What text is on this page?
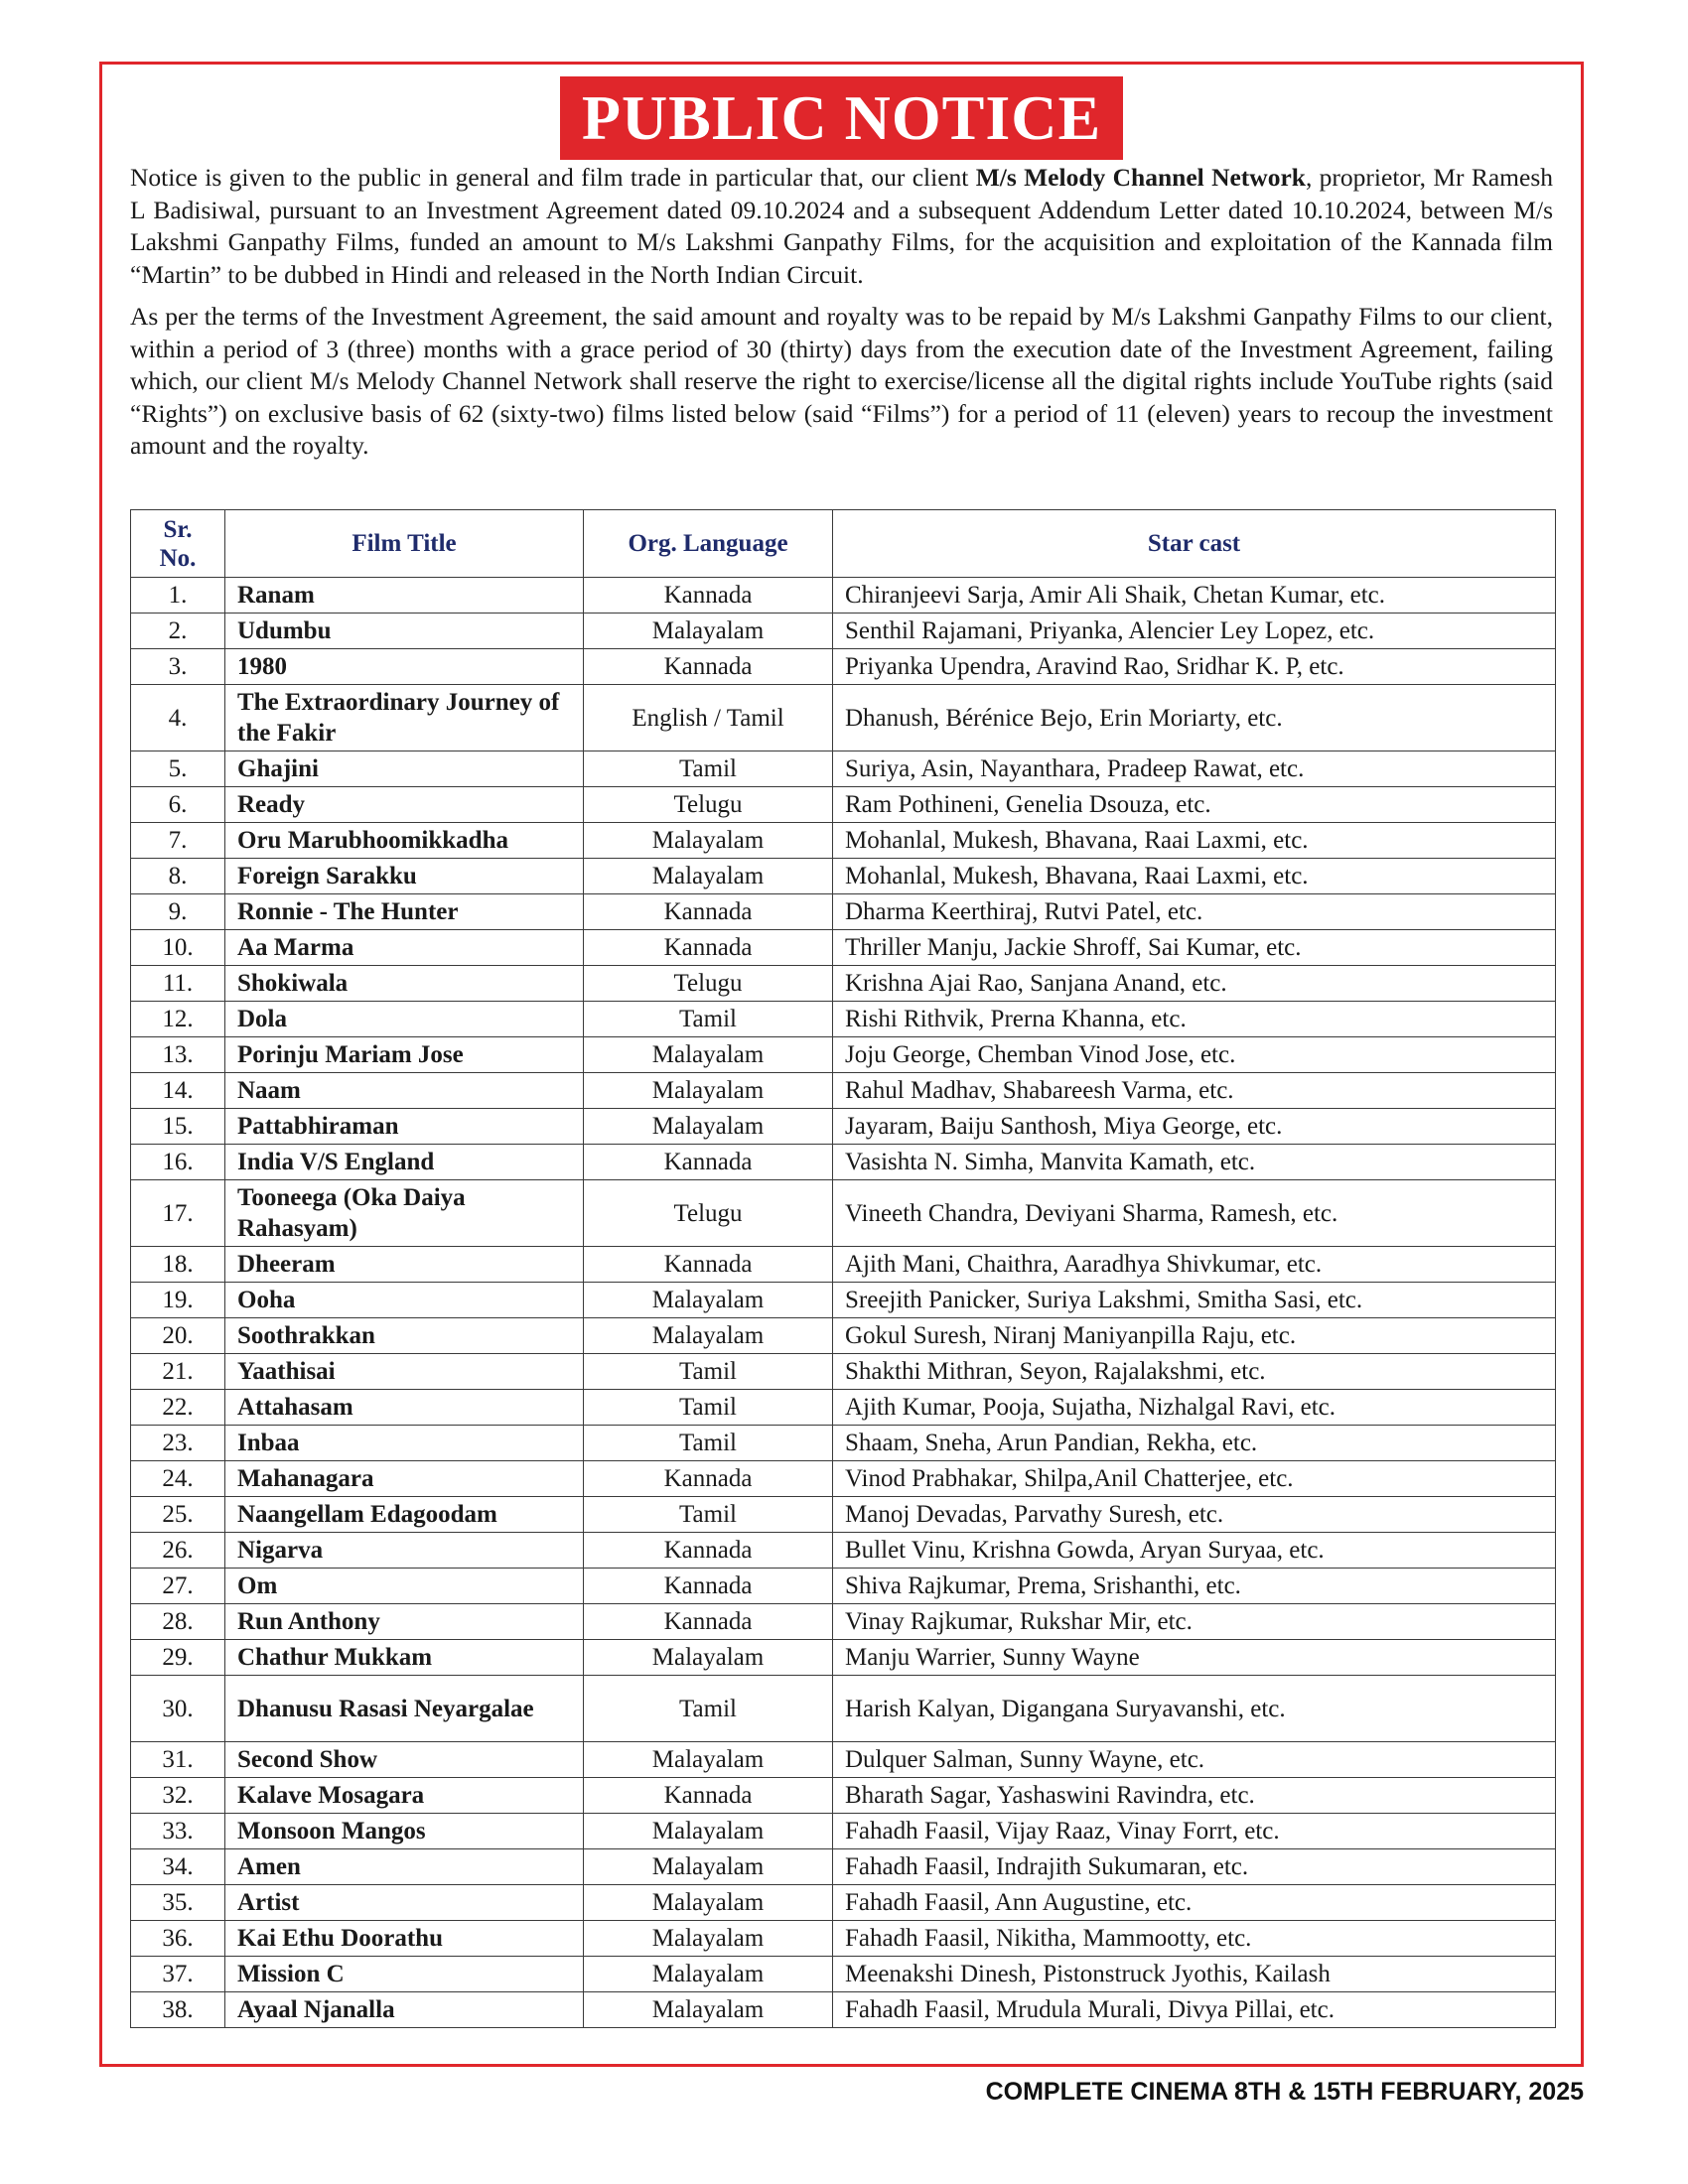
PUBLIC NOTICE

Notice is given to the public in general and film trade in particular that, our client M/s Melody Channel Network, proprietor, Mr Ramesh L Badisiwal, pursuant to an Investment Agreement dated 09.10.2024 and a subsequent Addendum Letter dated 10.10.2024, between M/s Lakshmi Ganpathy Films, funded an amount to M/s Lakshmi Ganpathy Films, for the acquisition and exploitation of the Kannada film “Martin” to be dubbed in Hindi and released in the North Indian Circuit.

As per the terms of the Investment Agreement, the said amount and royalty was to be repaid by M/s Lakshmi Ganpathy Films to our client, within a period of 3 (three) months with a grace period of 30 (thirty) days from the execution date of the Investment Agreement, failing which, our client M/s Melody Channel Network shall reserve the right to exercise/license all the digital rights include YouTube rights (said “Rights”) on exclusive basis of 62 (sixty-two) films listed below (said “Films”) for a period of 11 (eleven) years to recoup the investment amount and the royalty.

Sr.
No.	Film Title	Org. Language	Star cast
1.	Ranam	Kannada	Chiranjeevi Sarja, Amir Ali Shaik, Chetan Kumar, etc.
2.	Udumbu	Malayalam	Senthil Rajamani, Priyanka, Alencier Ley Lopez, etc.
3.	1980	Kannada	Priyanka Upendra, Aravind Rao, Sridhar K. P, etc.
4.	The Extraordinary Journey of the Fakir	English / Tamil	Dhanush, Bérénice Bejo, Erin Moriarty, etc.
5.	Ghajini	Tamil	Suriya, Asin, Nayanthara, Pradeep Rawat, etc.
6.	Ready	Telugu	Ram Pothineni, Genelia Dsouza, etc.
7.	Oru Marubhoomikkadha	Malayalam	Mohanlal, Mukesh, Bhavana, Raai Laxmi, etc.
8.	Foreign Sarakku	Malayalam	Mohanlal, Mukesh, Bhavana, Raai Laxmi, etc.
9.	Ronnie - The Hunter	Kannada	Dharma Keerthiraj, Rutvi Patel, etc.
10.	Aa Marma	Kannada	Thriller Manju, Jackie Shroff, Sai Kumar, etc.
11.	Shokiwala	Telugu	Krishna Ajai Rao, Sanjana Anand, etc.
12.	Dola	Tamil	Rishi Rithvik, Prerna Khanna, etc.
13.	Porinju Mariam Jose	Malayalam	Joju George, Chemban Vinod Jose, etc.
14.	Naam	Malayalam	Rahul Madhav, Shabareesh Varma, etc.
15.	Pattabhiraman	Malayalam	Jayaram, Baiju Santhosh, Miya George, etc.
16.	India V/S England	Kannada	Vasishta N. Simha, Manvita Kamath, etc.
17.	Tooneega (Oka Daiya Rahasyam)	Telugu	Vineeth Chandra, Deviyani Sharma, Ramesh, etc.
18.	Dheeram	Kannada	Ajith Mani, Chaithra, Aaradhya Shivkumar, etc.
19.	Ooha	Malayalam	Sreejith Panicker, Suriya Lakshmi, Smitha Sasi, etc.
20.	Soothrakkan	Malayalam	Gokul Suresh, Niranj Maniyanpilla Raju, etc.
21.	Yaathisai	Tamil	Shakthi Mithran, Seyon, Rajalakshmi, etc.
22.	Attahasam	Tamil	Ajith Kumar, Pooja, Sujatha, Nizhalgal Ravi, etc.
23.	Inbaa	Tamil	Shaam, Sneha, Arun Pandian, Rekha, etc.
24.	Mahanagara	Kannada	Vinod Prabhakar, Shilpa,Anil Chatterjee, etc.
25.	Naangellam Edagoodam	Tamil	Manoj Devadas, Parvathy Suresh, etc.
26.	Nigarva	Kannada	Bullet Vinu, Krishna Gowda, Aryan Suryaa, etc.
27.	Om	Kannada	Shiva Rajkumar, Prema, Srishanthi, etc.
28.	Run Anthony	Kannada	Vinay Rajkumar, Rukshar Mir, etc.
29.	Chathur Mukkam	Malayalam	Manju Warrier, Sunny Wayne
30.	Dhanusu Rasasi Neyargalae	Tamil	Harish Kalyan, Digangana Suryavanshi, etc.
31.	Second Show	Malayalam	Dulquer Salman, Sunny Wayne, etc.
32.	Kalave Mosagara	Kannada	Bharath Sagar, Yashaswini Ravindra, etc.
33.	Monsoon Mangos	Malayalam	Fahadh Faasil, Vijay Raaz, Vinay Forrt, etc.
34.	Amen	Malayalam	Fahadh Faasil, Indrajith Sukumaran, etc.
35.	Artist	Malayalam	Fahadh Faasil, Ann Augustine, etc.
36.	Kai Ethu Doorathu	Malayalam	Fahadh Faasil, Nikitha, Mammootty, etc.
37.	Mission C	Malayalam	Meenakshi Dinesh, Pistonstruck Jyothis, Kailash
38.	Ayaal Njanalla	Malayalam	Fahadh Faasil, Mrudula Murali, Divya Pillai, etc.
COMPLETE CINEMA 8TH & 15TH FEBRUARY, 2025
